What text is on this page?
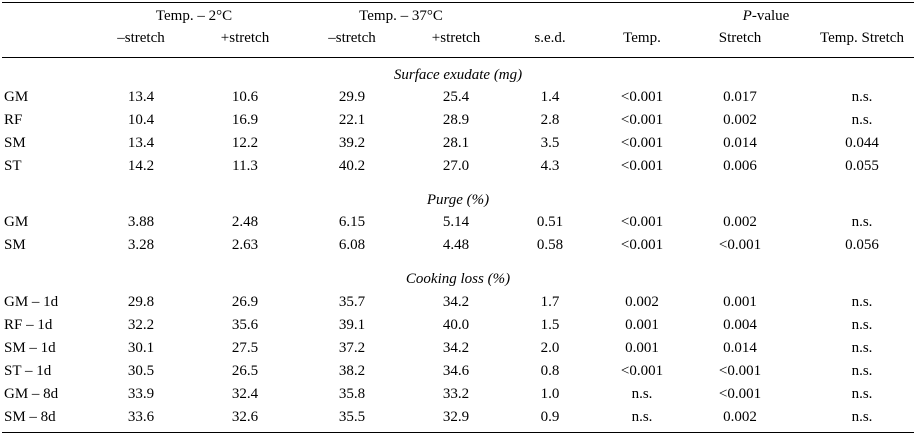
Temp. – 2°C	Temp. – 37°C	P-value
–stretch	+stretch	–stretch	+stretch	s.e.d.	Temp.	Stretch	Temp. Stretch
Surface exudate (mg)
GM	13.4	10.6	29.9	25.4	1.4	<0.001	0.017	n.s.
RF	10.4	16.9	22.1	28.9	2.8	<0.001	0.002	n.s.
SM	13.4	12.2	39.2	28.1	3.5	<0.001	0.014	0.044
ST	14.2	11.3	40.2	27.0	4.3	<0.001	0.006	0.055
Purge (%)
GM	3.88	2.48	6.15	5.14	0.51	<0.001	0.002	n.s.
SM	3.28	2.63	6.08	4.48	0.58	<0.001	<0.001	0.056
Cooking loss (%)
GM – 1d	29.8	26.9	35.7	34.2	1.7	0.002	0.001	n.s.
RF – 1d	32.2	35.6	39.1	40.0	1.5	0.001	0.004	n.s.
SM – 1d	30.1	27.5	37.2	34.2	2.0	0.001	0.014	n.s.
ST – 1d	30.5	26.5	38.2	34.6	0.8	<0.001	<0.001	n.s.
GM – 8d	33.9	32.4	35.8	33.2	1.0	n.s.	<0.001	n.s.
SM – 8d	33.6	32.6	35.5	32.9	0.9	n.s.	0.002	n.s.
